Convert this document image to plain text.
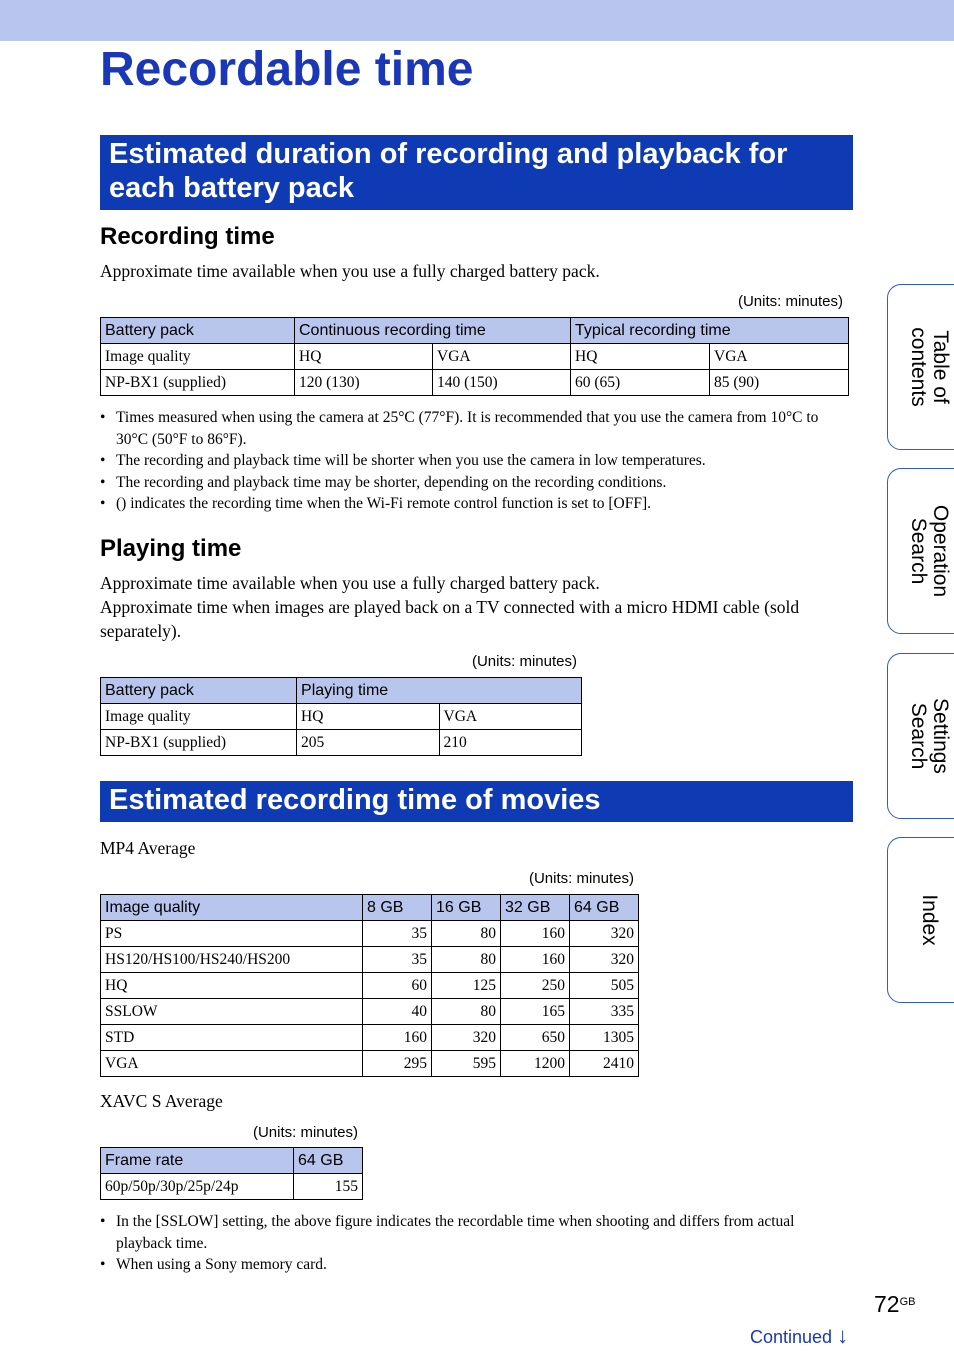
Recordable time
Estimated duration of recording and playback for each battery pack
Recording time
Approximate time available when you use a fully charged battery pack.
(Units: minutes)
Battery pack	Continuous recording time		Typical recording time	
Image quality	HQ	VGA	HQ	VGA
NP-BX1 (supplied)	120 (130)	140 (150)	60 (65)	85 (90)
• Times measured when using the camera at 25°C (77°F). It is recommended that you use the camera from 10°C to 30°C (50°F to 86°F).
• The recording and playback time will be shorter when you use the camera in low temperatures.
• The recording and playback time may be shorter, depending on the recording conditions.
• () indicates the recording time when the Wi-Fi remote control function is set to [OFF].
Playing time
Approximate time available when you use a fully charged battery pack.
Approximate time when images are played back on a TV connected with a micro HDMI cable (sold separately).
(Units: minutes)
Battery pack	Playing time	
Image quality	HQ	VGA
NP-BX1 (supplied)	205	210
Estimated recording time of movies
MP4 Average
(Units: minutes)
Image quality	8 GB	16 GB	32 GB	64 GB
PS	35	80	160	320
HS120/HS100/HS240/HS200	35	80	160	320
HQ	60	125	250	505
SSLOW	40	80	165	335
STD	160	320	650	1305
VGA	295	595	1200	2410
XAVC S Average
(Units: minutes)
Frame rate	64 GB
60p/50p/30p/25p/24p	155
• In the [SSLOW] setting, the above figure indicates the recordable time when shooting and differs from actual playback time.
• When using a Sony memory card.
Table of
contents
Operation
Search
Settings
Search
Index
$72^{GB}$
Continued ↓
